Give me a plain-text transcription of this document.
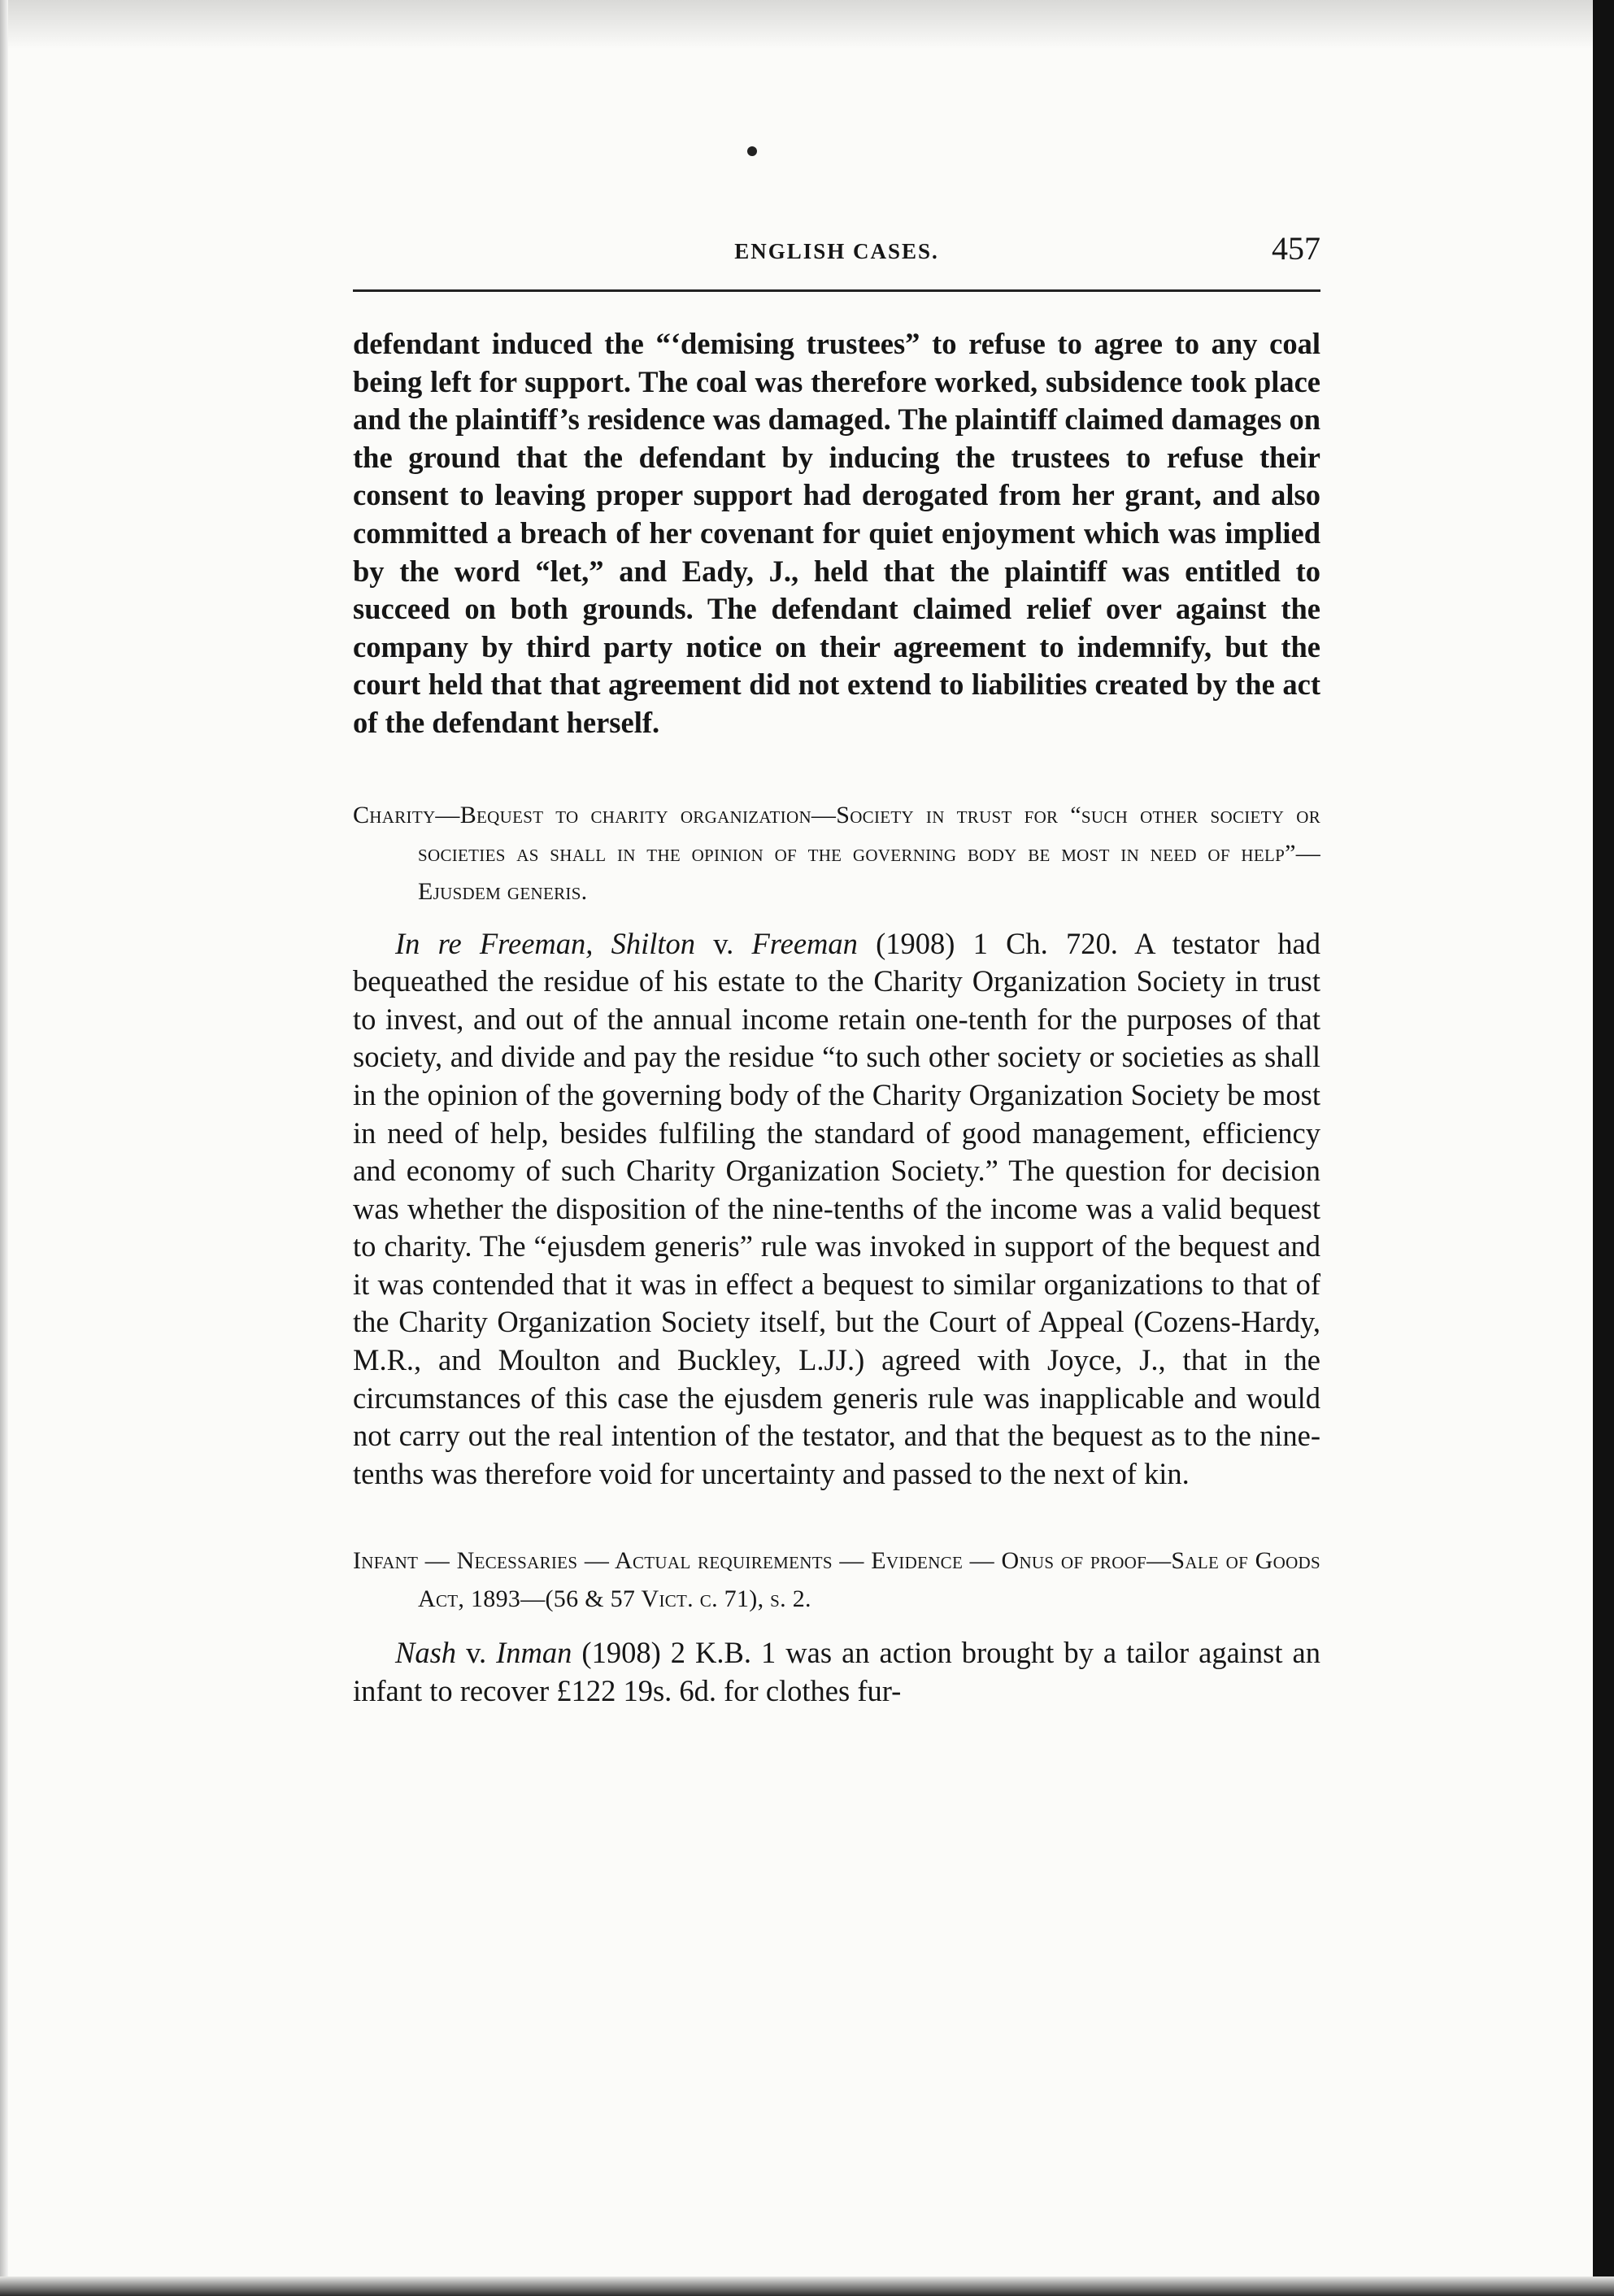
ENGLISH CASES.	457

defendant induced the “‘demising trustees” to refuse to agree to any coal being left for support. The coal was therefore worked, subsidence took place and the plaintiff’s residence was damaged. The plaintiff claimed damages on the ground that the defendant by inducing the trustees to refuse their consent to leaving proper support had derogated from her grant, and also committed a breach of her covenant for quiet enjoyment which was implied by the word “let,” and Eady, J., held that the plaintiff was entitled to succeed on both grounds. The defendant claimed relief over against the company by third party notice on their agreement to indemnify, but the court held that that agreement did not extend to liabilities created by the act of the defendant herself.

Charity—Bequest to charity organization—Society in trust for “such other society or societies as shall in the opinion of the governing body be most in need of help”—Ejusdem generis.

In re Freeman, Shilton v. Freeman (1908) 1 Ch. 720. A testator had bequeathed the residue of his estate to the Charity Organization Society in trust to invest, and out of the annual income retain one-tenth for the purposes of that society, and divide and pay the residue “to such other society or societies as shall in the opinion of the governing body of the Charity Organization Society be most in need of help, besides fulfiling the standard of good management, efficiency and economy of such Charity Organization Society.” The question for decision was whether the disposition of the nine-tenths of the income was a valid bequest to charity. The “ejusdem generis” rule was invoked in support of the bequest and it was contended that it was in effect a bequest to similar organizations to that of the Charity Organization Society itself, but the Court of Appeal (Cozens-Hardy, M.R., and Moulton and Buckley, L.JJ.) agreed with Joyce, J., that in the circumstances of this case the ejusdem generis rule was inapplicable and would not carry out the real intention of the testator, and that the bequest as to the nine-tenths was therefore void for uncertainty and passed to the next of kin.

Infant — Necessaries — Actual requirements — Evidence — Onus of proof—Sale of Goods Act, 1893—(56 & 57 Vict. c. 71), s. 2.

Nash v. Inman (1908) 2 K.B. 1 was an action brought by a tailor against an infant to recover £122 19s. 6d. for clothes fur-
